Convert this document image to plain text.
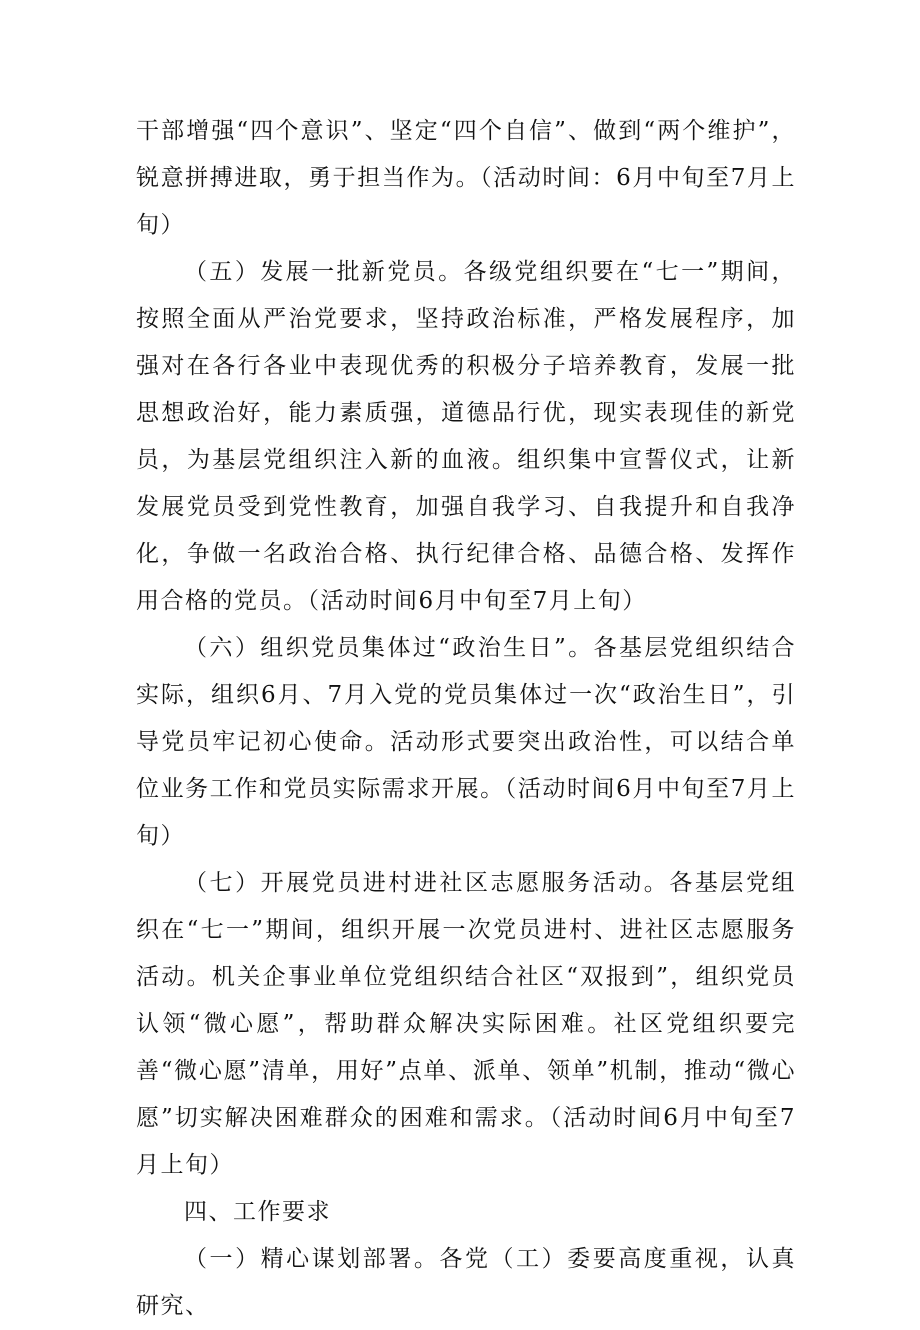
干部增强“四个意识”、坚定“四个自信”、做到“两个维护”，锐意拼搏进取，勇于担当作为。（活动时间：6月中旬至7月上旬）

（五）发展一批新党员。各级党组织要在“七一”期间，按照全面从严治党要求，坚持政治标准，严格发展程序，加强对在各行各业中表现优秀的积极分子培养教育，发展一批思想政治好，能力素质强，道德品行优，现实表现佳的新党员，为基层党组织注入新的血液。组织集中宣誓仪式，让新发展党员受到党性教育，加强自我学习、自我提升和自我净化，争做一名政治合格、执行纪律合格、品德合格、发挥作用合格的党员。（活动时间6月中旬至7月上旬）

（六）组织党员集体过“政治生日”。各基层党组织结合实际，组织6月、7月入党的党员集体过一次“政治生日”，引导党员牢记初心使命。活动形式要突出政治性，可以结合单位业务工作和党员实际需求开展。（活动时间6月中旬至7月上旬）

（七）开展党员进村进社区志愿服务活动。各基层党组织在“七一”期间，组织开展一次党员进村、进社区志愿服务活动。机关企事业单位党组织结合社区“双报到”，组织党员认领“微心愿”，帮助群众解决实际困难。社区党组织要完善“微心愿”清单，用好”点单、派单、领单”机制，推动“微心愿”切实解决困难群众的困难和需求。（活动时间6月中旬至7月上旬）

四、工作要求

（一）精心谋划部署。各党（工）委要高度重视，认真研究、
